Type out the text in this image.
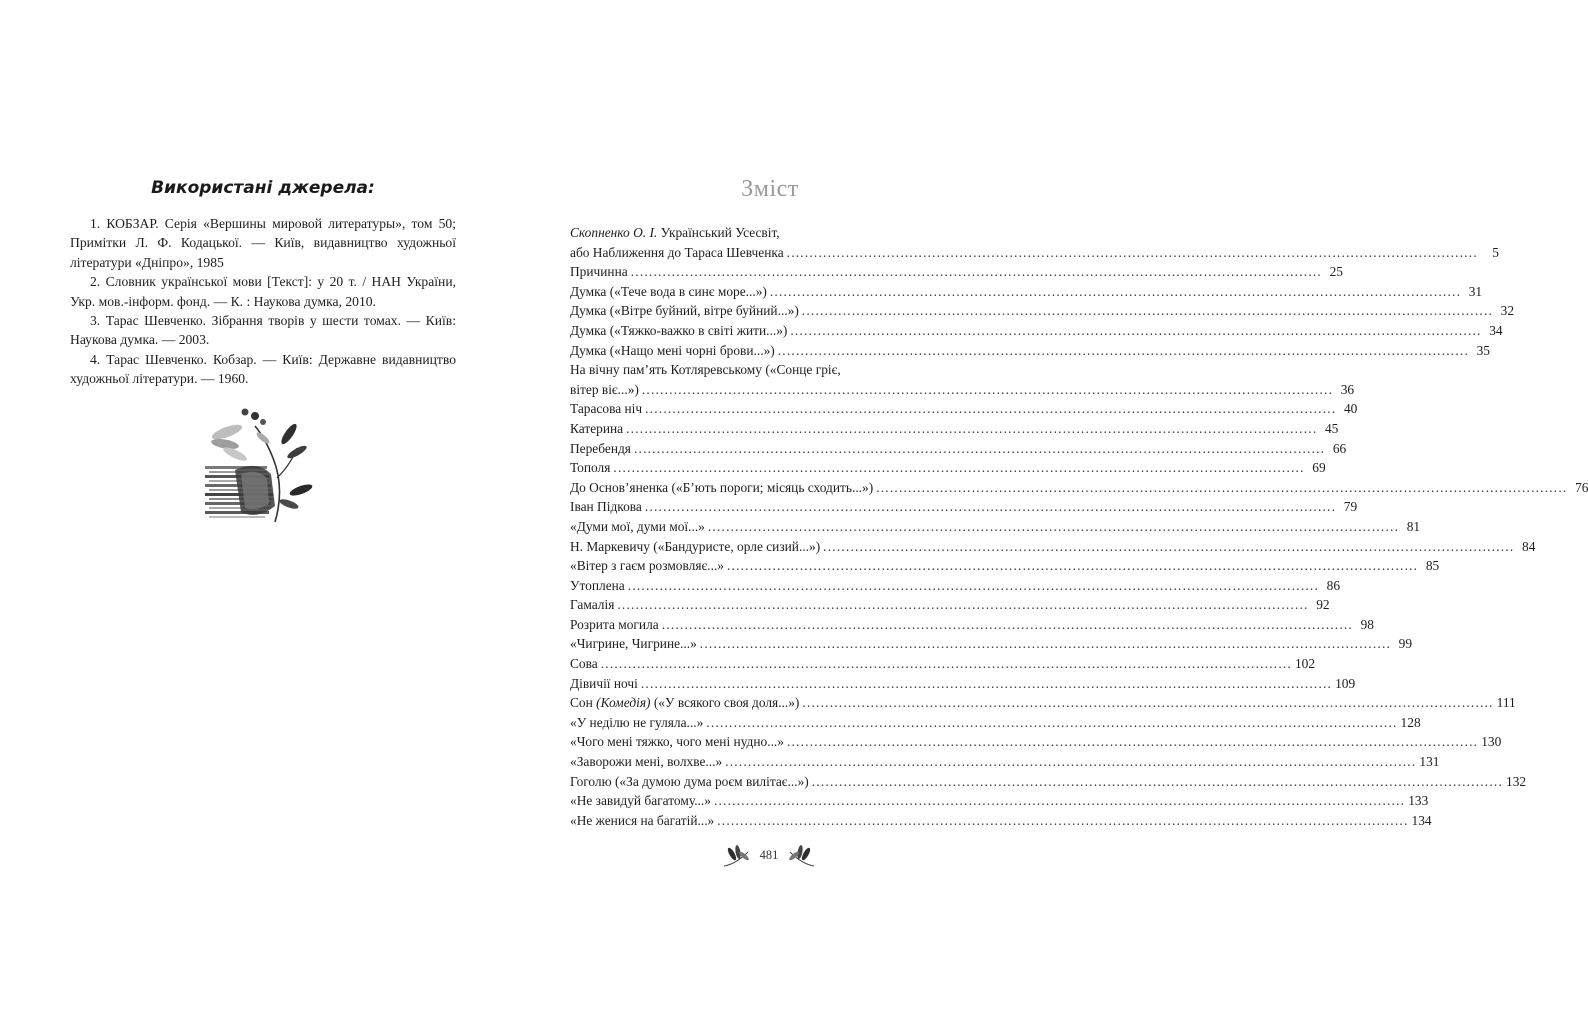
Використані джерела:

1. КОБЗАР. Серія «Вершины мировой литературы», том 50; Примітки Л. Ф. Кодацької. — Київ, видавництво художньої літератури «Дніпро», 1985

2. Словник української мови [Текст]: у 20 т. / НАН України, Укр. мов.-інформ. фонд. — К. : Наукова думка, 2010.

3. Тарас Шевченко. Зібрання творів у шести томах. — Київ: Наукова думка. — 2003.

4. Тарас Шевченко. Кобзар. — Київ: Державне видавництво художньої літератури. — 1960.

Зміст
Скопненко О. І. Український Усесвіт,
або Наближення до Тараса Шевченка ........................................................................................................................................................	5
Причинна ........................................................................................................................................................ 25
Думка («Тече вода в синє море...») ........................................................................................................................................................ 31
Думка («Вітре буйний, вітре буйний...») ........................................................................................................................................................ 32
Думка («Тяжко-важко в світі жити...») ........................................................................................................................................................ 34
Думка («Нащо мені чорні брови...») ........................................................................................................................................................ 35
На вічну пам’ять Котляревському («Сонце гріє,
вітер віє...») ........................................................................................................................................................ 36
Тарасова ніч ........................................................................................................................................................ 40
Катерина ........................................................................................................................................................ 45
Перебендя ........................................................................................................................................................ 66
Тополя ........................................................................................................................................................ 69
До Основ’яненка («Б’ють пороги; місяць сходить...») ........................................................................................................................................................ 76
Іван Підкова ........................................................................................................................................................ 79
«Думи мої, думи мої...» ........................................................................................................................................................ 81
Н. Маркевичу («Бандуристе, орле сизий...») ........................................................................................................................................................ 84
«Вітер з гаєм розмовляє...» ........................................................................................................................................................ 85
Утоплена ........................................................................................................................................................ 86
Гамалія ........................................................................................................................................................ 92
Розрита могила ........................................................................................................................................................ 98
«Чигрине, Чигрине...» ........................................................................................................................................................ 99
Сова ........................................................................................................................................................ 102
Дівичії ночі ........................................................................................................................................................ 109
Сон (Комедія) («У всякого своя доля...») ........................................................................................................................................................ 111
«У неділю не гуляла...» ........................................................................................................................................................ 128
«Чого мені тяжко, чого мені нудно...» ........................................................................................................................................................ 130
«Заворожи мені, волхве...» ........................................................................................................................................................ 131
Гоголю («За думою дума роєм вилітає...») ........................................................................................................................................................ 132
«Не завидуй багатому...» ........................................................................................................................................................ 133
«Не женися на багатій...» ........................................................................................................................................................ 134
481
